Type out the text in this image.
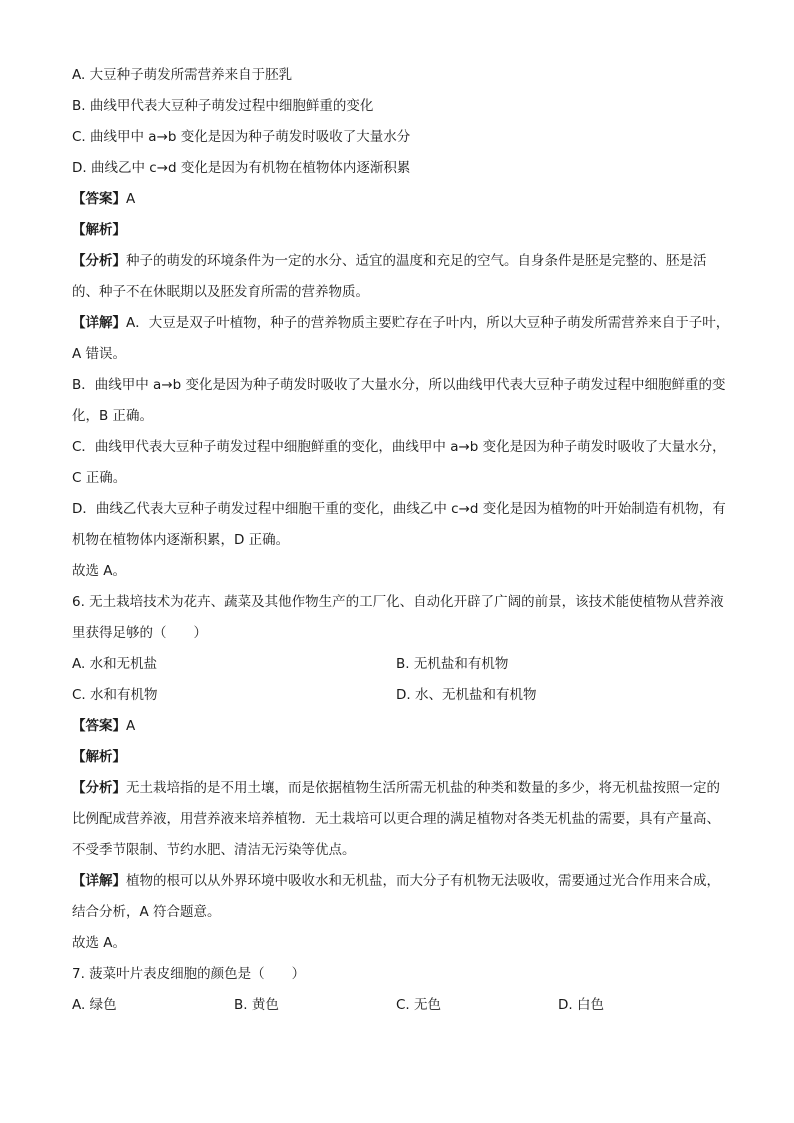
A. 大豆种子萌发所需营养来自于胚乳
B. 曲线甲代表大豆种子萌发过程中细胞鲜重的变化
C. 曲线甲中 a→b 变化是因为种子萌发时吸收了大量水分
D. 曲线乙中 c→d 变化是因为有机物在植物体内逐渐积累
【答案】A
【解析】
【分析】种子的萌发的环境条件为一定的水分、适宜的温度和充足的空气。自身条件是胚是完整的、胚是活的、种子不在休眠期以及胚发育所需的营养物质。
【详解】A．大豆是双子叶植物，种子的营养物质主要贮存在子叶内，所以大豆种子萌发所需营养来自于子叶，A 错误。
B．曲线甲中 a→b 变化是因为种子萌发时吸收了大量水分，所以曲线甲代表大豆种子萌发过程中细胞鲜重的变化，B 正确。
C．曲线甲代表大豆种子萌发过程中细胞鲜重的变化，曲线甲中 a→b 变化是因为种子萌发时吸收了大量水分，C 正确。
D．曲线乙代表大豆种子萌发过程中细胞干重的变化，曲线乙中 c→d 变化是因为植物的叶开始制造有机物，有机物在植物体内逐渐积累，D 正确。
故选 A。
6. 无土栽培技术为花卉、蔬菜及其他作物生产的工厂化、自动化开辟了广阔的前景，该技术能使植物从营养液里获得足够的（　　）
A. 水和无机盐	B. 无机盐和有机物
C. 水和有机物	D. 水、无机盐和有机物
【答案】A
【解析】
【分析】无土栽培指的是不用土壤，而是依据植物生活所需无机盐的种类和数量的多少，将无机盐按照一定的比例配成营养液，用营养液来培养植物．无土栽培可以更合理的满足植物对各类无机盐的需要，具有产量高、不受季节限制、节约水肥、清洁无污染等优点。
【详解】植物的根可以从外界环境中吸收水和无机盐，而大分子有机物无法吸收，需要通过光合作用来合成，结合分析，A 符合题意。
故选 A。
7. 菠菜叶片表皮细胞的颜色是（　　）
A. 绿色	B. 黄色	C. 无色	D. 白色
